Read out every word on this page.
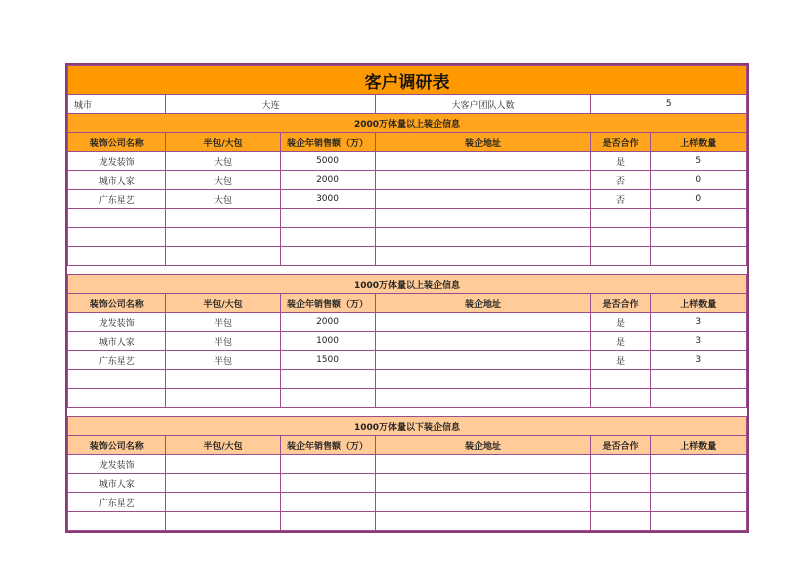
客户调研表					
城市	大连		大客户团队人数	5	
2000万体量以上装企信息					
装饰公司名称	半包/大包	装企年销售额（万）	装企地址	是否合作	上样数量
龙发装饰	大包	5000		是	5
城市人家	大包	2000		否	0
广东星艺	大包	3000		否	0

1000万体量以上装企信息					
装饰公司名称	半包/大包	装企年销售额（万）	装企地址	是否合作	上样数量
龙发装饰	半包	2000		是	3
城市人家	半包	1000		是	3
广东星艺	半包	1500		是	3

1000万体量以下装企信息					
装饰公司名称	半包/大包	装企年销售额（万）	装企地址	是否合作	上样数量
龙发装饰					
城市人家					
广东星艺					
